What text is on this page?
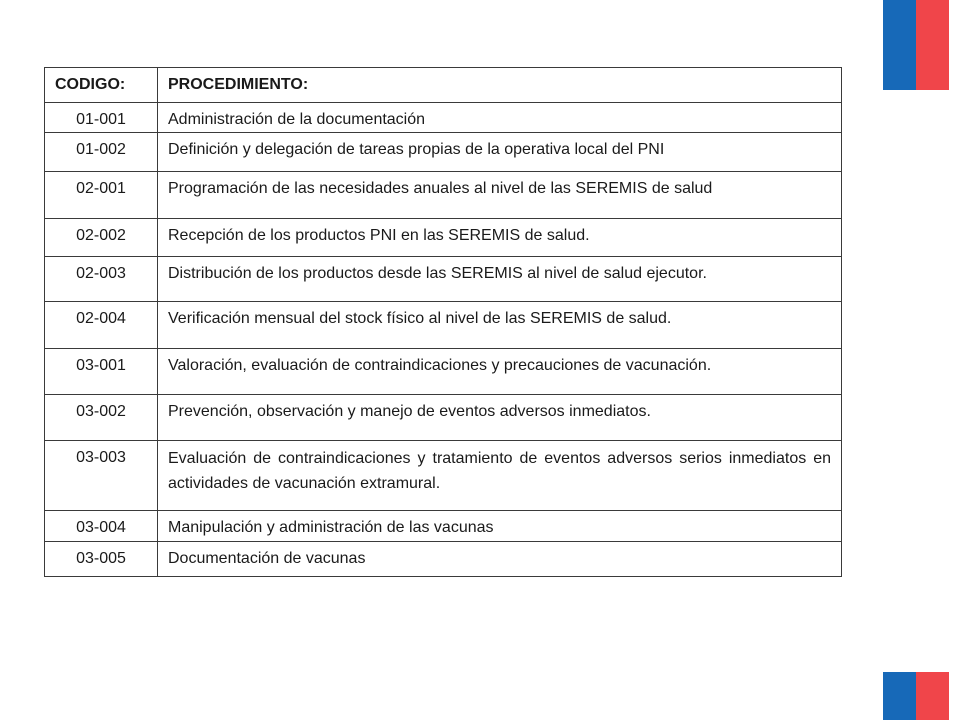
CODIGO:	PROCEDIMIENTO:
01-001	Administración de la documentación
01-002	Definición y delegación de tareas propias de la operativa local del PNI
02-001	Programación de las necesidades anuales al nivel de las SEREMIS de salud
02-002	Recepción de los productos PNI en las SEREMIS de salud.
02-003	Distribución de los productos desde las SEREMIS al nivel de salud ejecutor.
02-004	Verificación mensual del stock físico al nivel de las SEREMIS de salud.
03-001	Valoración, evaluación de contraindicaciones y precauciones de vacunación.
03-002	Prevención, observación y manejo de eventos adversos inmediatos.
03-003	Evaluación de contraindicaciones y tratamiento de eventos adversos serios inmediatos en actividades de vacunación extramural.
03-004	Manipulación y administración de las vacunas
03-005	Documentación de vacunas
